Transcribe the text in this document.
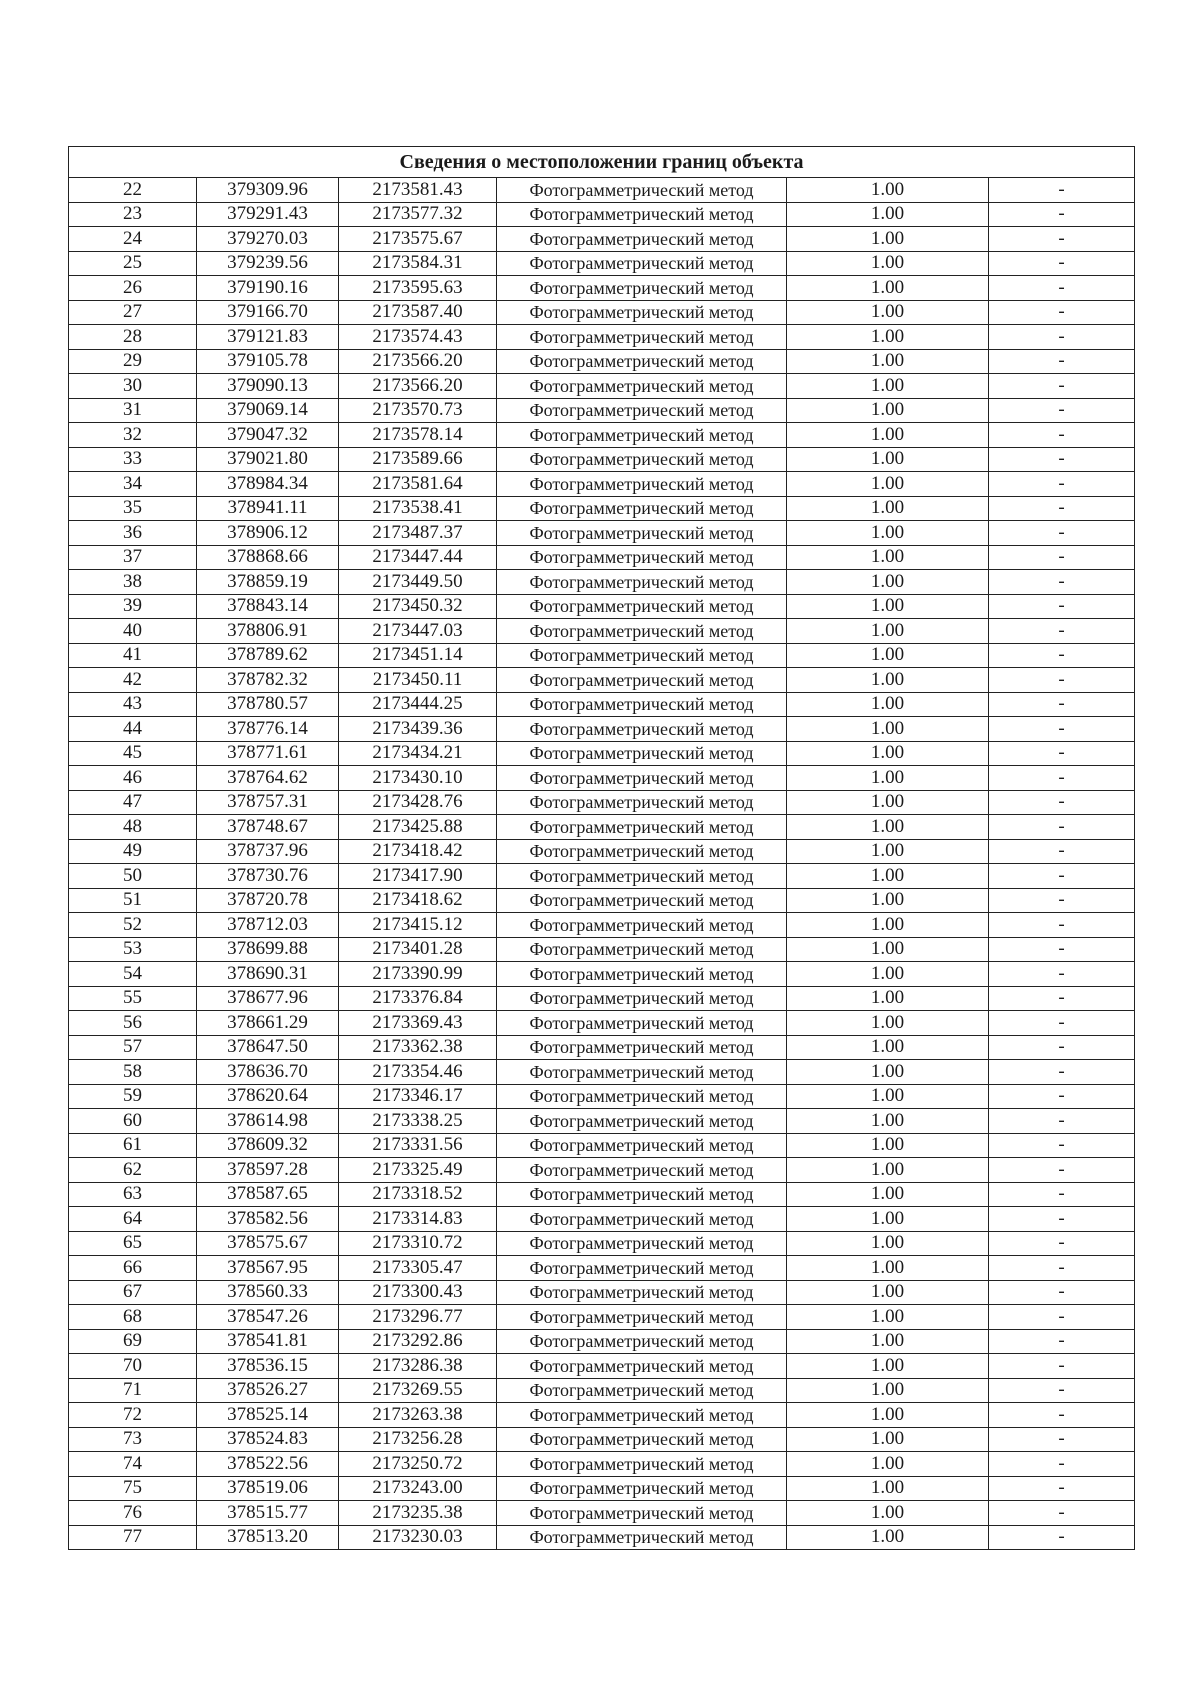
Сведения о местоположении границ объекта					
22	379309.96	2173581.43	Фотограмметрический метод	1.00	-
23	379291.43	2173577.32	Фотограмметрический метод	1.00	-
24	379270.03	2173575.67	Фотограмметрический метод	1.00	-
25	379239.56	2173584.31	Фотограмметрический метод	1.00	-
26	379190.16	2173595.63	Фотограмметрический метод	1.00	-
27	379166.70	2173587.40	Фотограмметрический метод	1.00	-
28	379121.83	2173574.43	Фотограмметрический метод	1.00	-
29	379105.78	2173566.20	Фотограмметрический метод	1.00	-
30	379090.13	2173566.20	Фотограмметрический метод	1.00	-
31	379069.14	2173570.73	Фотограмметрический метод	1.00	-
32	379047.32	2173578.14	Фотограмметрический метод	1.00	-
33	379021.80	2173589.66	Фотограмметрический метод	1.00	-
34	378984.34	2173581.64	Фотограмметрический метод	1.00	-
35	378941.11	2173538.41	Фотограмметрический метод	1.00	-
36	378906.12	2173487.37	Фотограмметрический метод	1.00	-
37	378868.66	2173447.44	Фотограмметрический метод	1.00	-
38	378859.19	2173449.50	Фотограмметрический метод	1.00	-
39	378843.14	2173450.32	Фотограмметрический метод	1.00	-
40	378806.91	2173447.03	Фотограмметрический метод	1.00	-
41	378789.62	2173451.14	Фотограмметрический метод	1.00	-
42	378782.32	2173450.11	Фотограмметрический метод	1.00	-
43	378780.57	2173444.25	Фотограмметрический метод	1.00	-
44	378776.14	2173439.36	Фотограмметрический метод	1.00	-
45	378771.61	2173434.21	Фотограмметрический метод	1.00	-
46	378764.62	2173430.10	Фотограмметрический метод	1.00	-
47	378757.31	2173428.76	Фотограмметрический метод	1.00	-
48	378748.67	2173425.88	Фотограмметрический метод	1.00	-
49	378737.96	2173418.42	Фотограмметрический метод	1.00	-
50	378730.76	2173417.90	Фотограмметрический метод	1.00	-
51	378720.78	2173418.62	Фотограмметрический метод	1.00	-
52	378712.03	2173415.12	Фотограмметрический метод	1.00	-
53	378699.88	2173401.28	Фотограмметрический метод	1.00	-
54	378690.31	2173390.99	Фотограмметрический метод	1.00	-
55	378677.96	2173376.84	Фотограмметрический метод	1.00	-
56	378661.29	2173369.43	Фотограмметрический метод	1.00	-
57	378647.50	2173362.38	Фотограмметрический метод	1.00	-
58	378636.70	2173354.46	Фотограмметрический метод	1.00	-
59	378620.64	2173346.17	Фотограмметрический метод	1.00	-
60	378614.98	2173338.25	Фотограмметрический метод	1.00	-
61	378609.32	2173331.56	Фотограмметрический метод	1.00	-
62	378597.28	2173325.49	Фотограмметрический метод	1.00	-
63	378587.65	2173318.52	Фотограмметрический метод	1.00	-
64	378582.56	2173314.83	Фотограмметрический метод	1.00	-
65	378575.67	2173310.72	Фотограмметрический метод	1.00	-
66	378567.95	2173305.47	Фотограмметрический метод	1.00	-
67	378560.33	2173300.43	Фотограмметрический метод	1.00	-
68	378547.26	2173296.77	Фотограмметрический метод	1.00	-
69	378541.81	2173292.86	Фотограмметрический метод	1.00	-
70	378536.15	2173286.38	Фотограмметрический метод	1.00	-
71	378526.27	2173269.55	Фотограмметрический метод	1.00	-
72	378525.14	2173263.38	Фотограмметрический метод	1.00	-
73	378524.83	2173256.28	Фотограмметрический метод	1.00	-
74	378522.56	2173250.72	Фотограмметрический метод	1.00	-
75	378519.06	2173243.00	Фотограмметрический метод	1.00	-
76	378515.77	2173235.38	Фотограмметрический метод	1.00	-
77	378513.20	2173230.03	Фотограмметрический метод	1.00	-
